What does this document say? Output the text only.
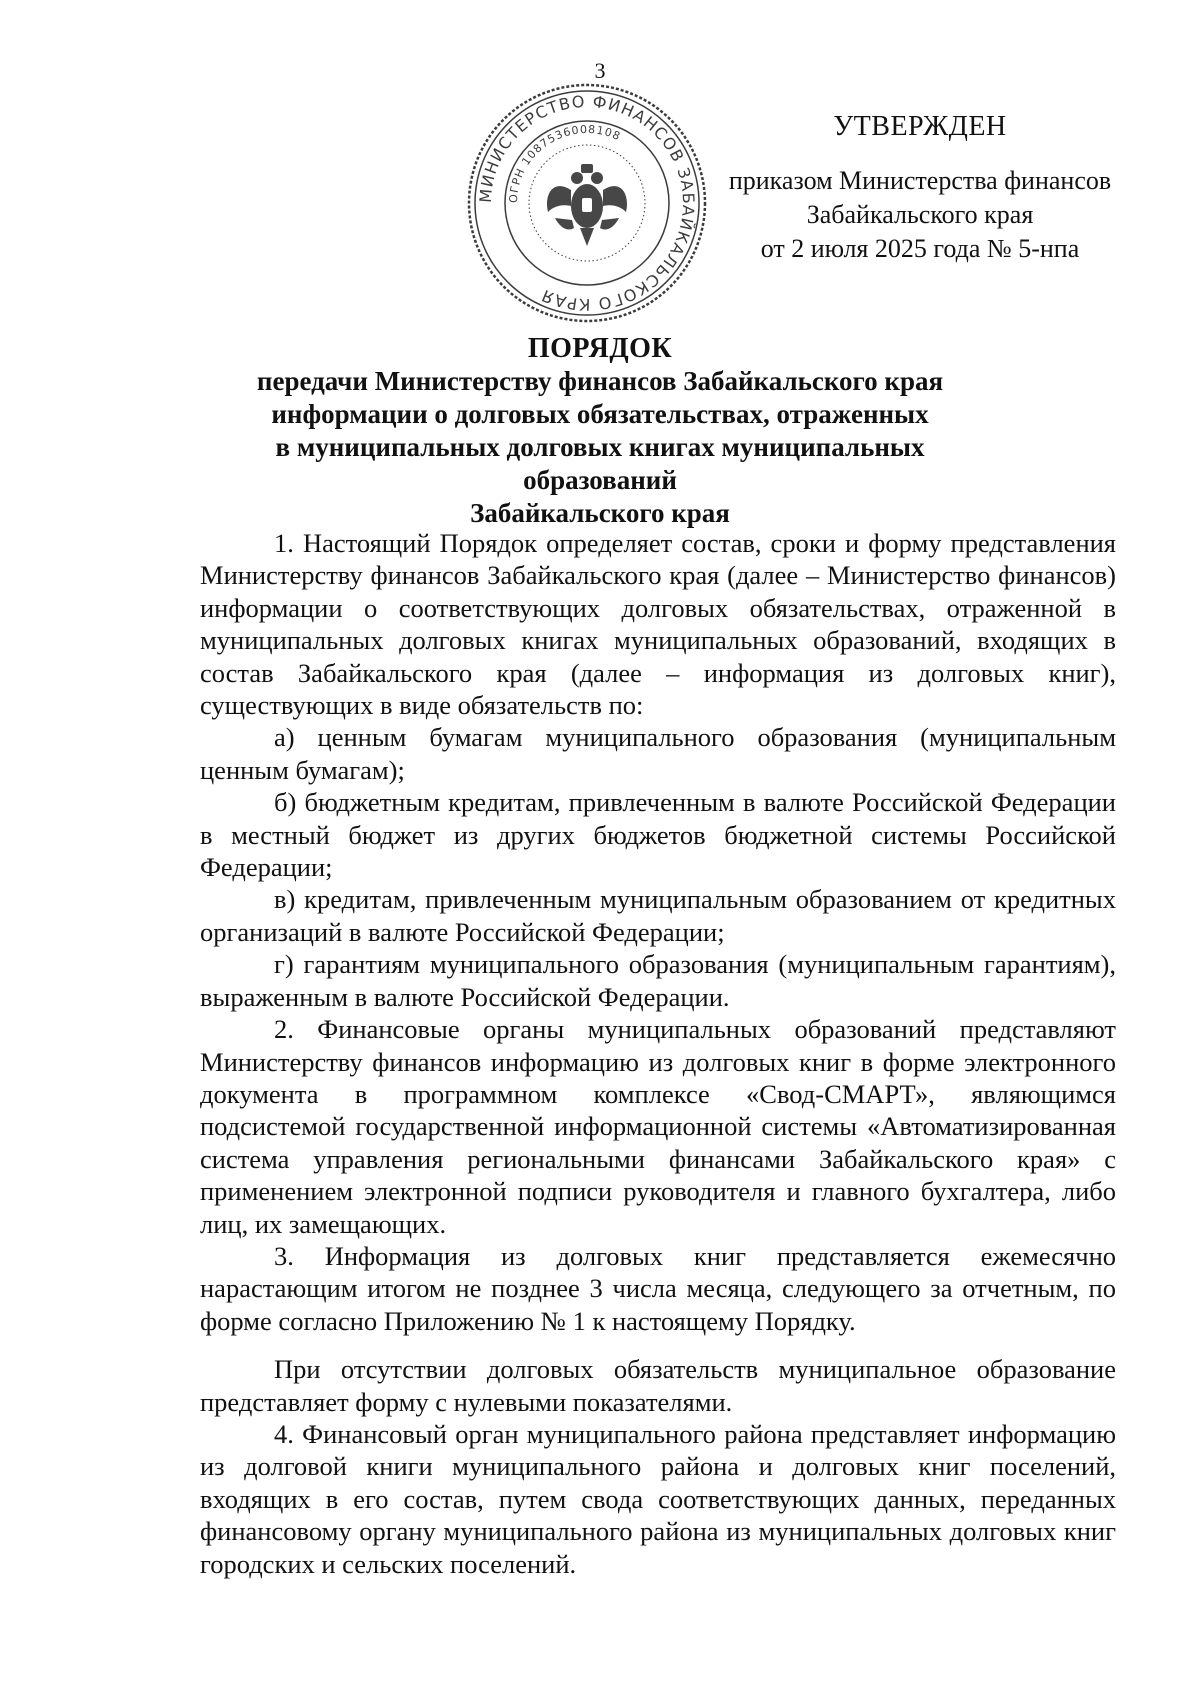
3
МИНИСТЕРСТВО ФИНАНСОВ ЗАБАЙКАЛЬСКОГО КРАЯ
ОГРН 1087536008108	УТВЕРЖДЕН
приказом Министерства финансов
Забайкальского края
от 2 июля 2025 года № 5-нпа
ПОРЯДОК
передачи Министерству финансов Забайкальского края
информации о долговых обязательствах, отраженных
в муниципальных долговых книгах муниципальных образований
Забайкальского края

1. Настоящий Порядок определяет состав, сроки и форму представления Министерству финансов Забайкальского края (далее – Министерство финансов) информации о соответствующих долговых обязательствах, отраженной в муниципальных долговых книгах муниципальных образований, входящих в состав Забайкальского края (далее – информация из долговых книг), существующих в виде обязательств по:

а) ценным бумагам муниципального образования (муниципальным ценным бумагам);

б) бюджетным кредитам, привлеченным в валюте Российской Федерации в местный бюджет из других бюджетов бюджетной системы Российской Федерации;

в) кредитам, привлеченным муниципальным образованием от кредитных организаций в валюте Российской Федерации;

г) гарантиям муниципального образования (муниципальным гарантиям), выраженным в валюте Российской Федерации.

2. Финансовые органы муниципальных образований представляют Министерству финансов информацию из долговых книг в форме электронного документа в программном комплексе «Свод-СМАРТ», являющимся подсистемой государственной информационной системы «Автоматизированная система управления региональными финансами Забайкальского края» с применением электронной подписи руководителя и главного бухгалтера, либо лиц, их замещающих.

3. Информация из долговых книг представляется ежемесячно нарастающим итогом не позднее 3 числа месяца, следующего за отчетным, по форме согласно Приложению № 1 к настоящему Порядку.

При отсутствии долговых обязательств муниципальное образование представляет форму с нулевыми показателями.

4. Финансовый орган муниципального района представляет информацию из долговой книги муниципального района и долговых книг поселений, входящих в его состав, путем свода соответствующих данных, переданных финансовому органу муниципального района из муниципальных долговых книг городских и сельских поселений.
